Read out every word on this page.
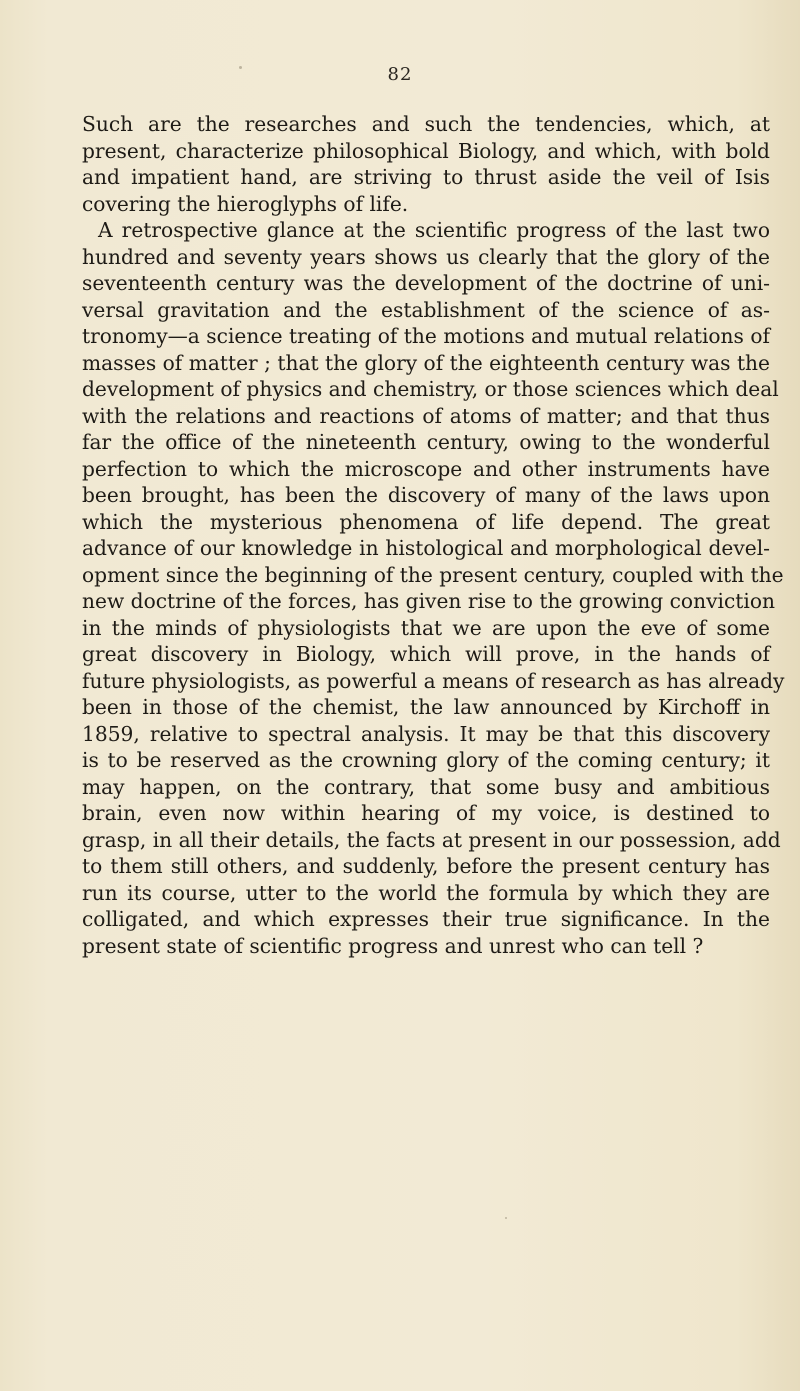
82
Such are the researches and such the tendencies, which, at
present, characterize philosophical Biology, and which, with bold
and impatient hand, are striving to thrust aside the veil of Isis
covering the hieroglyphs of life.
A retrospective glance at the scientific progress of the last two
hundred and seventy years shows us clearly that the glory of the
seventeenth century was the development of the doctrine of uni-
versal gravitation and the establishment of the science of as-
tronomy—a science treating of the motions and mutual relations of
masses of matter ; that the glory of the eighteenth century was the
development of physics and chemistry, or those sciences which deal
with the relations and reactions of atoms of matter; and that thus
far the office of the nineteenth century, owing to the wonderful
perfection to which the microscope and other instruments have
been brought, has been the discovery of many of the laws upon
which the mysterious phenomena of life depend. The great
advance of our knowledge in histological and morphological devel-
opment since the beginning of the present century, coupled with the
new doctrine of the forces, has given rise to the growing conviction
in the minds of physiologists that we are upon the eve of some
great discovery in Biology, which will prove, in the hands of
future physiologists, as powerful a means of research as has already
been in those of the chemist, the law announced by Kirchoff in
1859, relative to spectral analysis. It may be that this discovery
is to be reserved as the crowning glory of the coming century; it
may happen, on the contrary, that some busy and ambitious
brain, even now within hearing of my voice, is destined to
grasp, in all their details, the facts at present in our possession, add
to them still others, and suddenly, before the present century has
run its course, utter to the world the formula by which they are
colligated, and which expresses their true significance. In the
present state of scientific progress and unrest who can tell ?
